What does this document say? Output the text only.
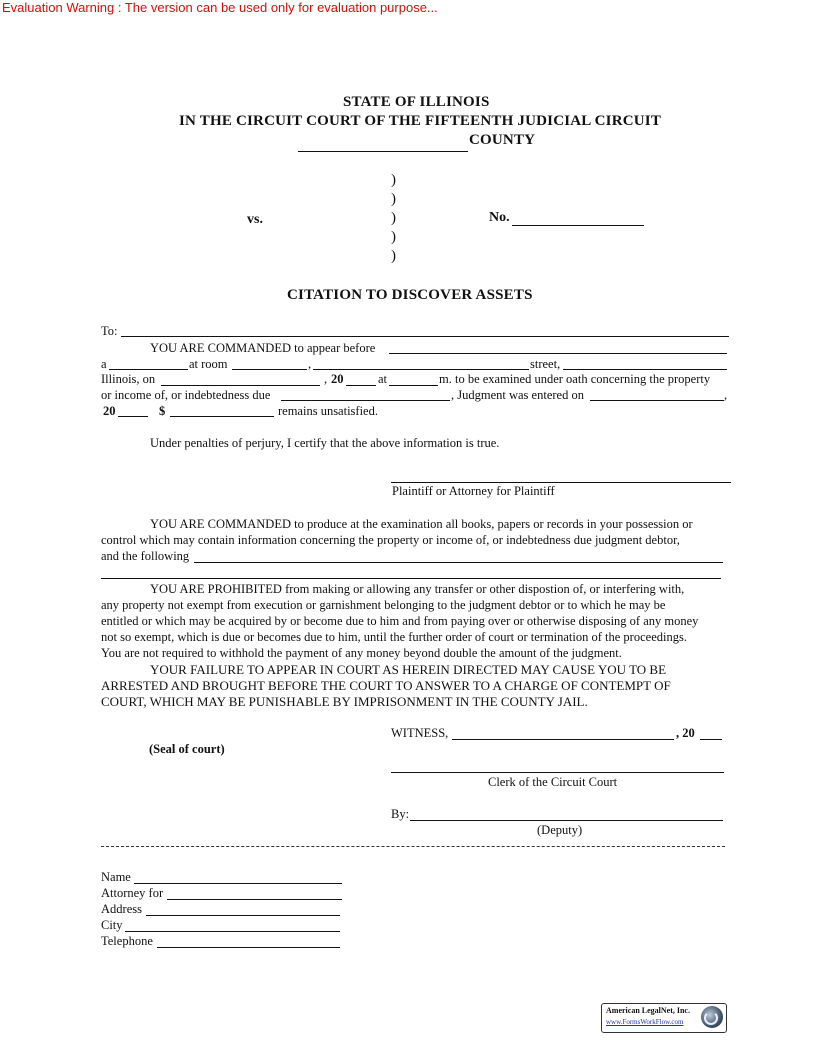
Evaluation Warning : The version can be used only for evaluation purpose...
STATE OF ILLINOIS
IN THE CIRCUIT COURT OF THE FIFTEENTH JUDICIAL CIRCUIT
COUNTY
)
)
)
)
)
vs.	No.
CITATION TO DISCOVER ASSETS
To:
YOU ARE COMMANDED to appear before
a	at room	,	street,
Illinois, on	, 20	at	m. to be examined under oath concerning the property
or income of, or indebtedness due	, Judgment was entered on	,
20	$	remains unsatisfied.
Under penalties of perjury, I certify that the above information is true.
Plaintiff or Attorney for Plaintiff
YOU ARE COMMANDED to produce at the examination all books, papers or records in your possession or
control which may contain information concerning the property or income of, or indebtedness due judgment debtor,
and the following
YOU ARE PROHIBITED from making or allowing any transfer or other dispostion of, or interfering with,
any property not exempt from execution or garnishment belonging to the judgment debtor or to which he may be
entitled or which may be acquired by or become due to him and from paying over or otherwise disposing of any money
not so exempt, which is due or becomes due to him, until the further order of court or termination of the proceedings.
You are not required to withhold the payment of any money beyond double the amount of the judgment.
YOUR FAILURE TO APPEAR IN COURT AS HEREIN DIRECTED MAY CAUSE YOU TO BE
ARRESTED AND BROUGHT BEFORE THE COURT TO ANSWER TO A CHARGE OF CONTEMPT OF
COURT, WHICH MAY BE PUNISHABLE BY IMPRISONMENT IN THE COUNTY JAIL.
WITNESS,	, 20
(Seal of court)
Clerk of the Circuit Court
By:
(Deputy)
Name
Attorney for
Address
City
Telephone
American LegalNet, Inc.
www.FormsWorkFlow.com
